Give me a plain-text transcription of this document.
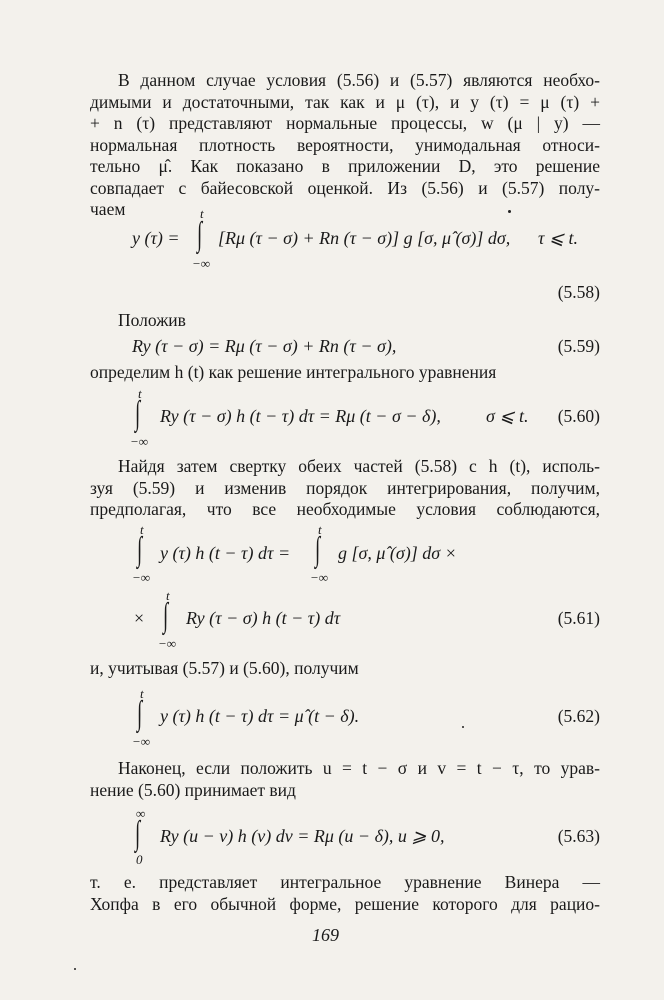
В данном случае условия (5.56) и (5.57) являются необхо-
димыми и достаточными, так как и μ (τ), и y (τ) = μ (τ) +
+ n (τ) представляют нормальные процессы, w (μ | y) —
нормальная плотность вероятности, унимодальная относи-
тельно μ̂. Как показано в приложении D, это решение
совпадает с байесовской оценкой. Из (5.56) и (5.57) полу-
чаем
y (τ) =
t
∫
−∞
[Rμ (τ − σ) + Rn (τ − σ)] g [σ, μ̂ (σ)] dσ, τ ⩽ t.
(5.58)
Положив
Ry (τ − σ) = Rμ (τ − σ) + Rn (τ − σ),	(5.59)
определим h (t) как решение интегрального уравнения
t
∫
−∞
Ry (τ − σ) h (t − τ) dτ = Rμ (t − σ − δ),	σ ⩽ t. (5.60)
Найдя затем свертку обеих частей (5.58) с h (t), исполь-
зуя (5.59) и изменив порядок интегрирования, получим,
предполагая, что все необходимые условия соблюдаются,
t
∫
−∞
y (τ) h (t − τ) dτ =
t
∫
−∞
g [σ, μ̂ (σ)] dσ ×
×
t
∫
−∞
Ry (τ − σ) h (t − τ) dτ	(5.61)
и, учитывая (5.57) и (5.60), получим
t
∫
−∞
y (τ) h (t − τ) dτ = μ̂ (t − δ).	(5.62)
Наконец, если положить u = t − σ и v = t − τ, то урав-
нение (5.60) принимает вид
∞
∫
0
Ry (u − v) h (v) dv = Rμ (u − δ), u ⩾ 0,	(5.63)
т. е. представляет интегральное уравнение Винера —
Хопфа в его обычной форме, решение которого для рацио-
169
